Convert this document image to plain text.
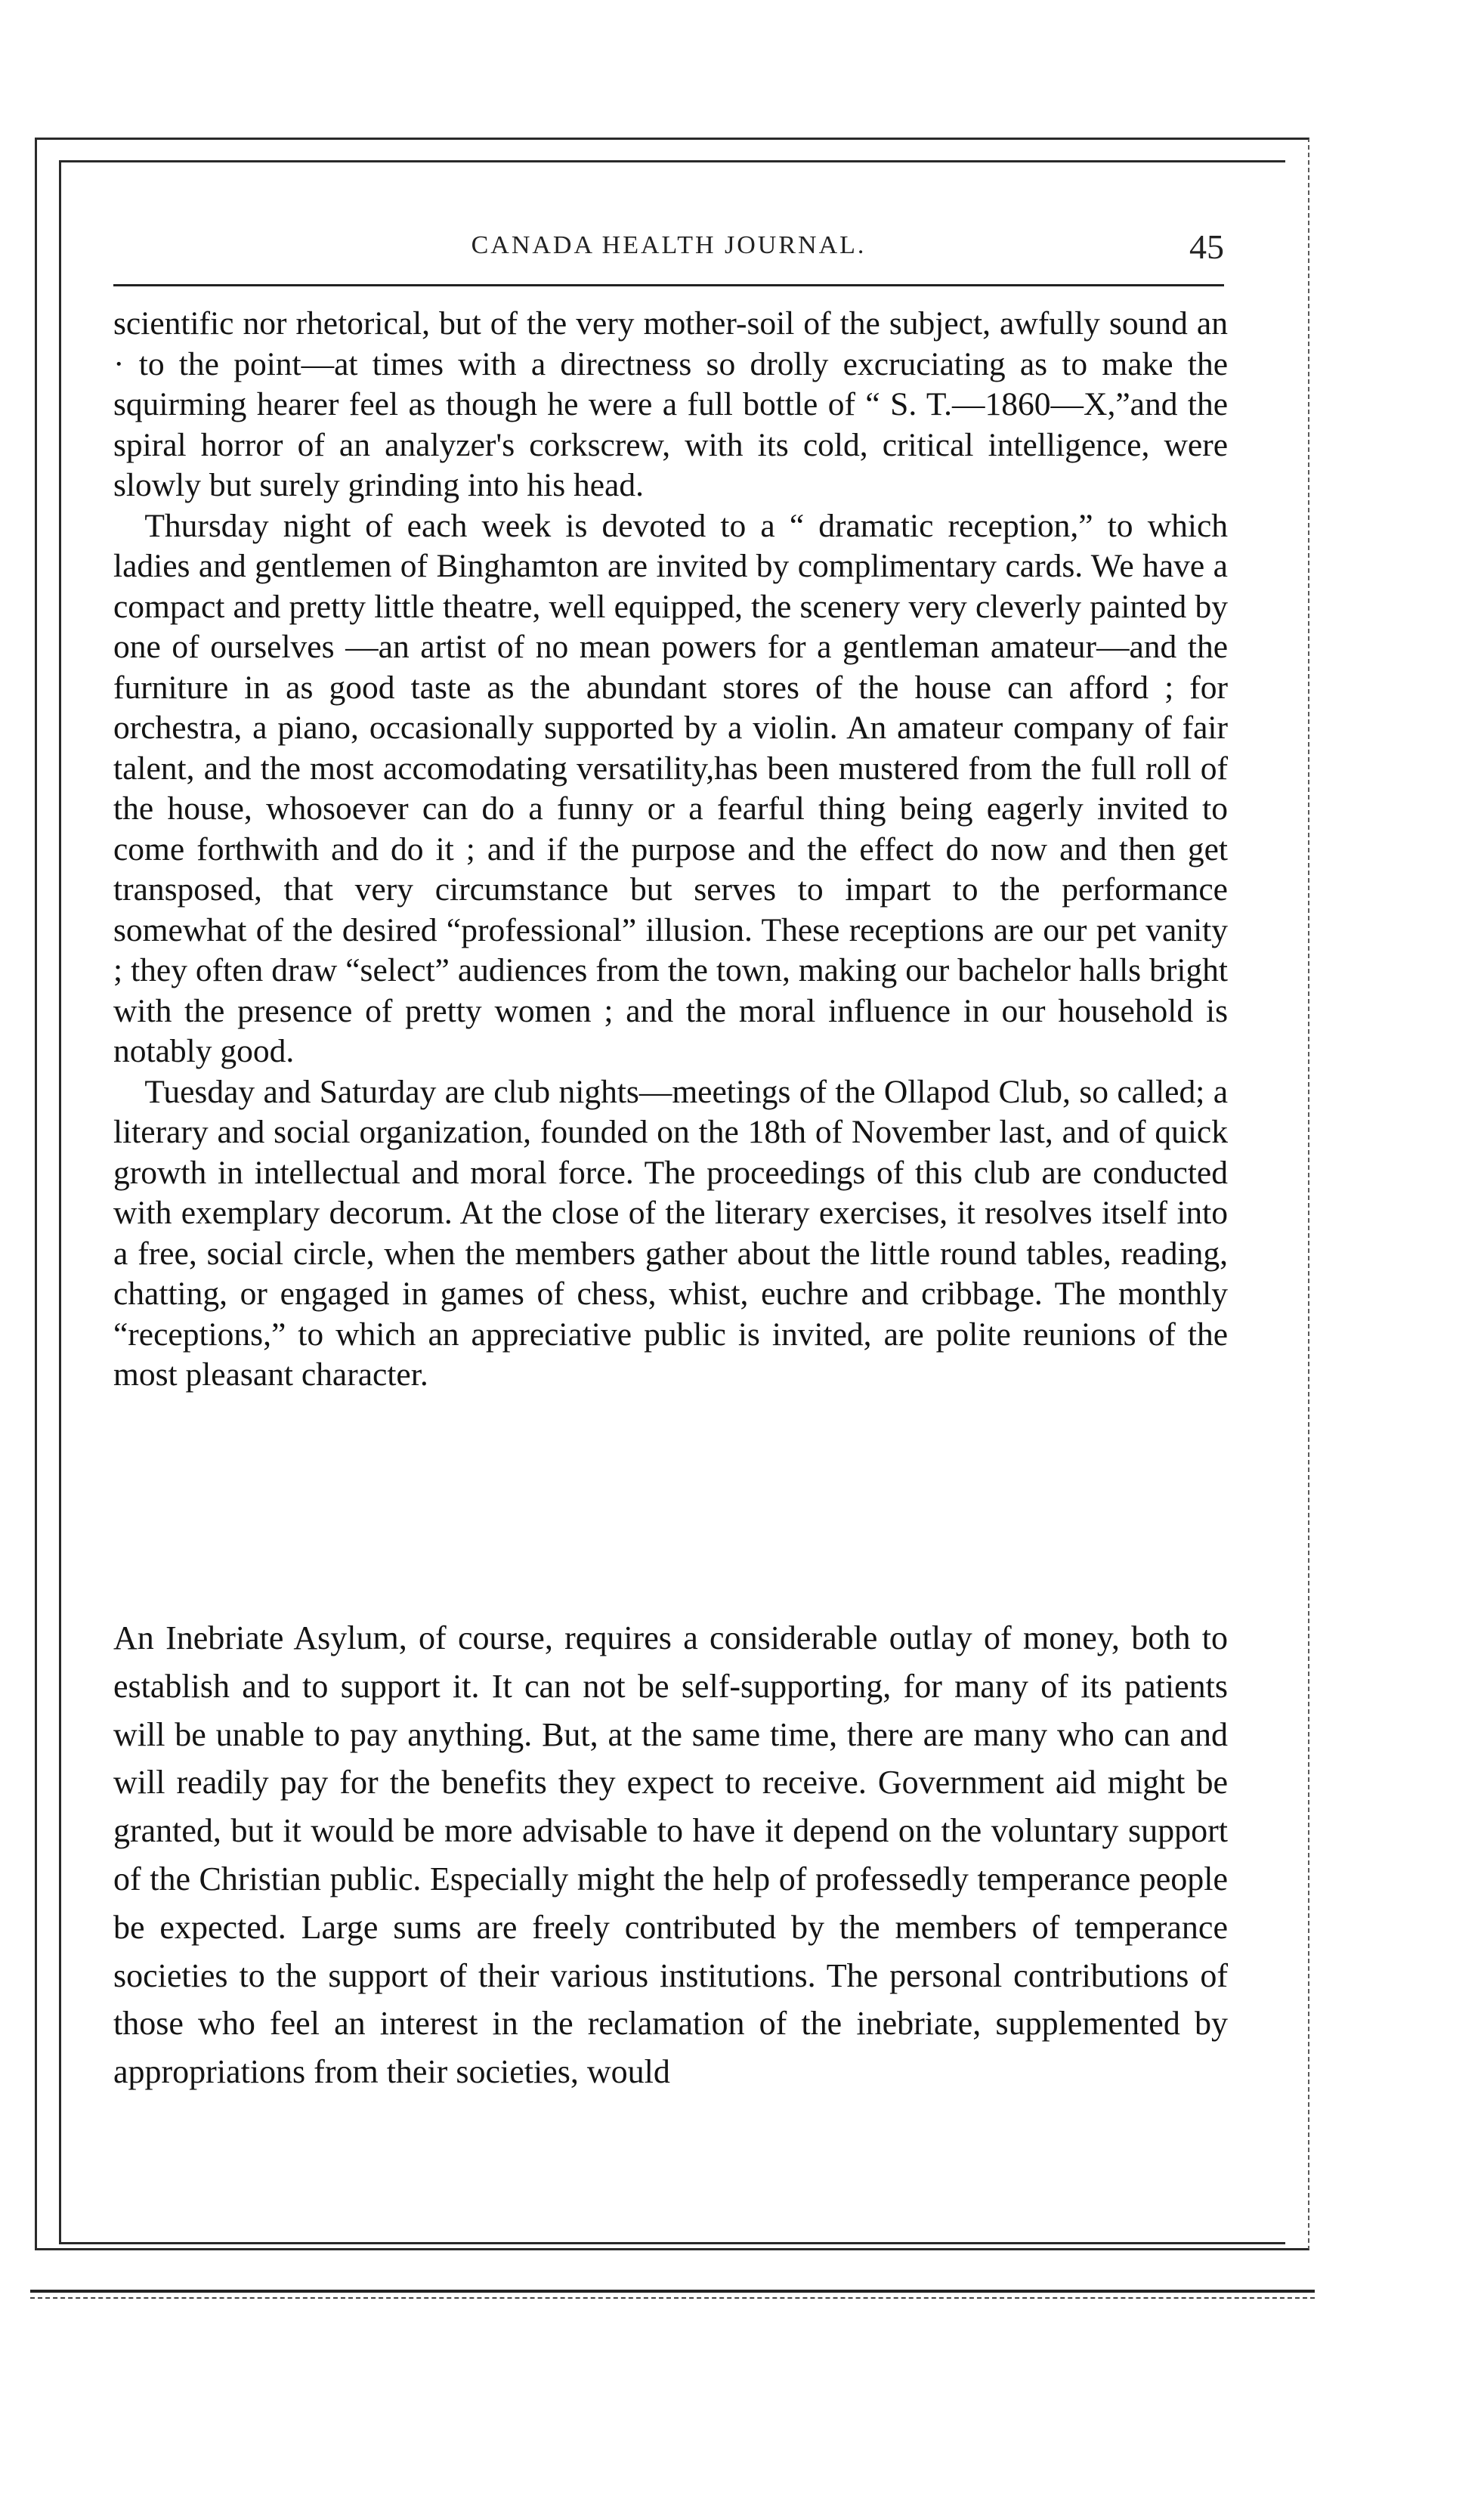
CANADA HEALTH JOURNAL.	45

scientific nor rhetorical, but of the very mother-soil of the subject, awfully sound an · to the point—at times with a directness so drolly excruciating as to make the squirming hearer feel as though he were a full bottle of “ S. T.—1860—X,”and the spiral horror of an analyzer's corkscrew, with its cold, critical intelligence, were slowly but surely grinding into his head.

Thursday night of each week is devoted to a “ dramatic reception,” to which ladies and gentlemen of Binghamton are invited by complimentary cards. We have a compact and pretty little theatre, well equipped, the scenery very cleverly painted by one of ourselves —an artist of no mean powers for a gentleman amateur—and the furniture in as good taste as the abundant stores of the house can afford ; for orchestra, a piano, occasionally supported by a violin. An amateur company of fair talent, and the most accomodating versatility,has been mustered from the full roll of the house, whosoever can do a funny or a fearful thing being eagerly invited to come forthwith and do it ; and if the purpose and the effect do now and then get transposed, that very circumstance but serves to impart to the performance somewhat of the desired “professional” illusion. These receptions are our pet vanity ; they often draw “select” audiences from the town, making our bachelor halls bright with the presence of pretty women ; and the moral influence in our household is notably good.

Tuesday and Saturday are club nights—meetings of the Ollapod Club, so called; a literary and social organization, founded on the 18th of November last, and of quick growth in intellectual and moral force. The proceedings of this club are conducted with exemplary decorum. At the close of the literary exercises, it resolves itself into a free, social circle, when the members gather about the little round tables, reading, chatting, or engaged in games of chess, whist, euchre and cribbage. The monthly “receptions,” to which an appreciative public is invited, are polite reunions of the most pleasant character.

An Inebriate Asylum, of course, requires a considerable outlay of money, both to establish and to support it. It can not be self-supporting, for many of its patients will be unable to pay anything. But, at the same time, there are many who can and will readily pay for the benefits they expect to receive. Government aid might be granted, but it would be more advisable to have it depend on the voluntary support of the Christian public. Especially might the help of professedly temperance people be expected. Large sums are freely contributed by the members of temperance societies to the support of their various institutions. The personal contributions of those who feel an interest in the reclamation of the inebriate, supplemented by appropriations from their societies, would
